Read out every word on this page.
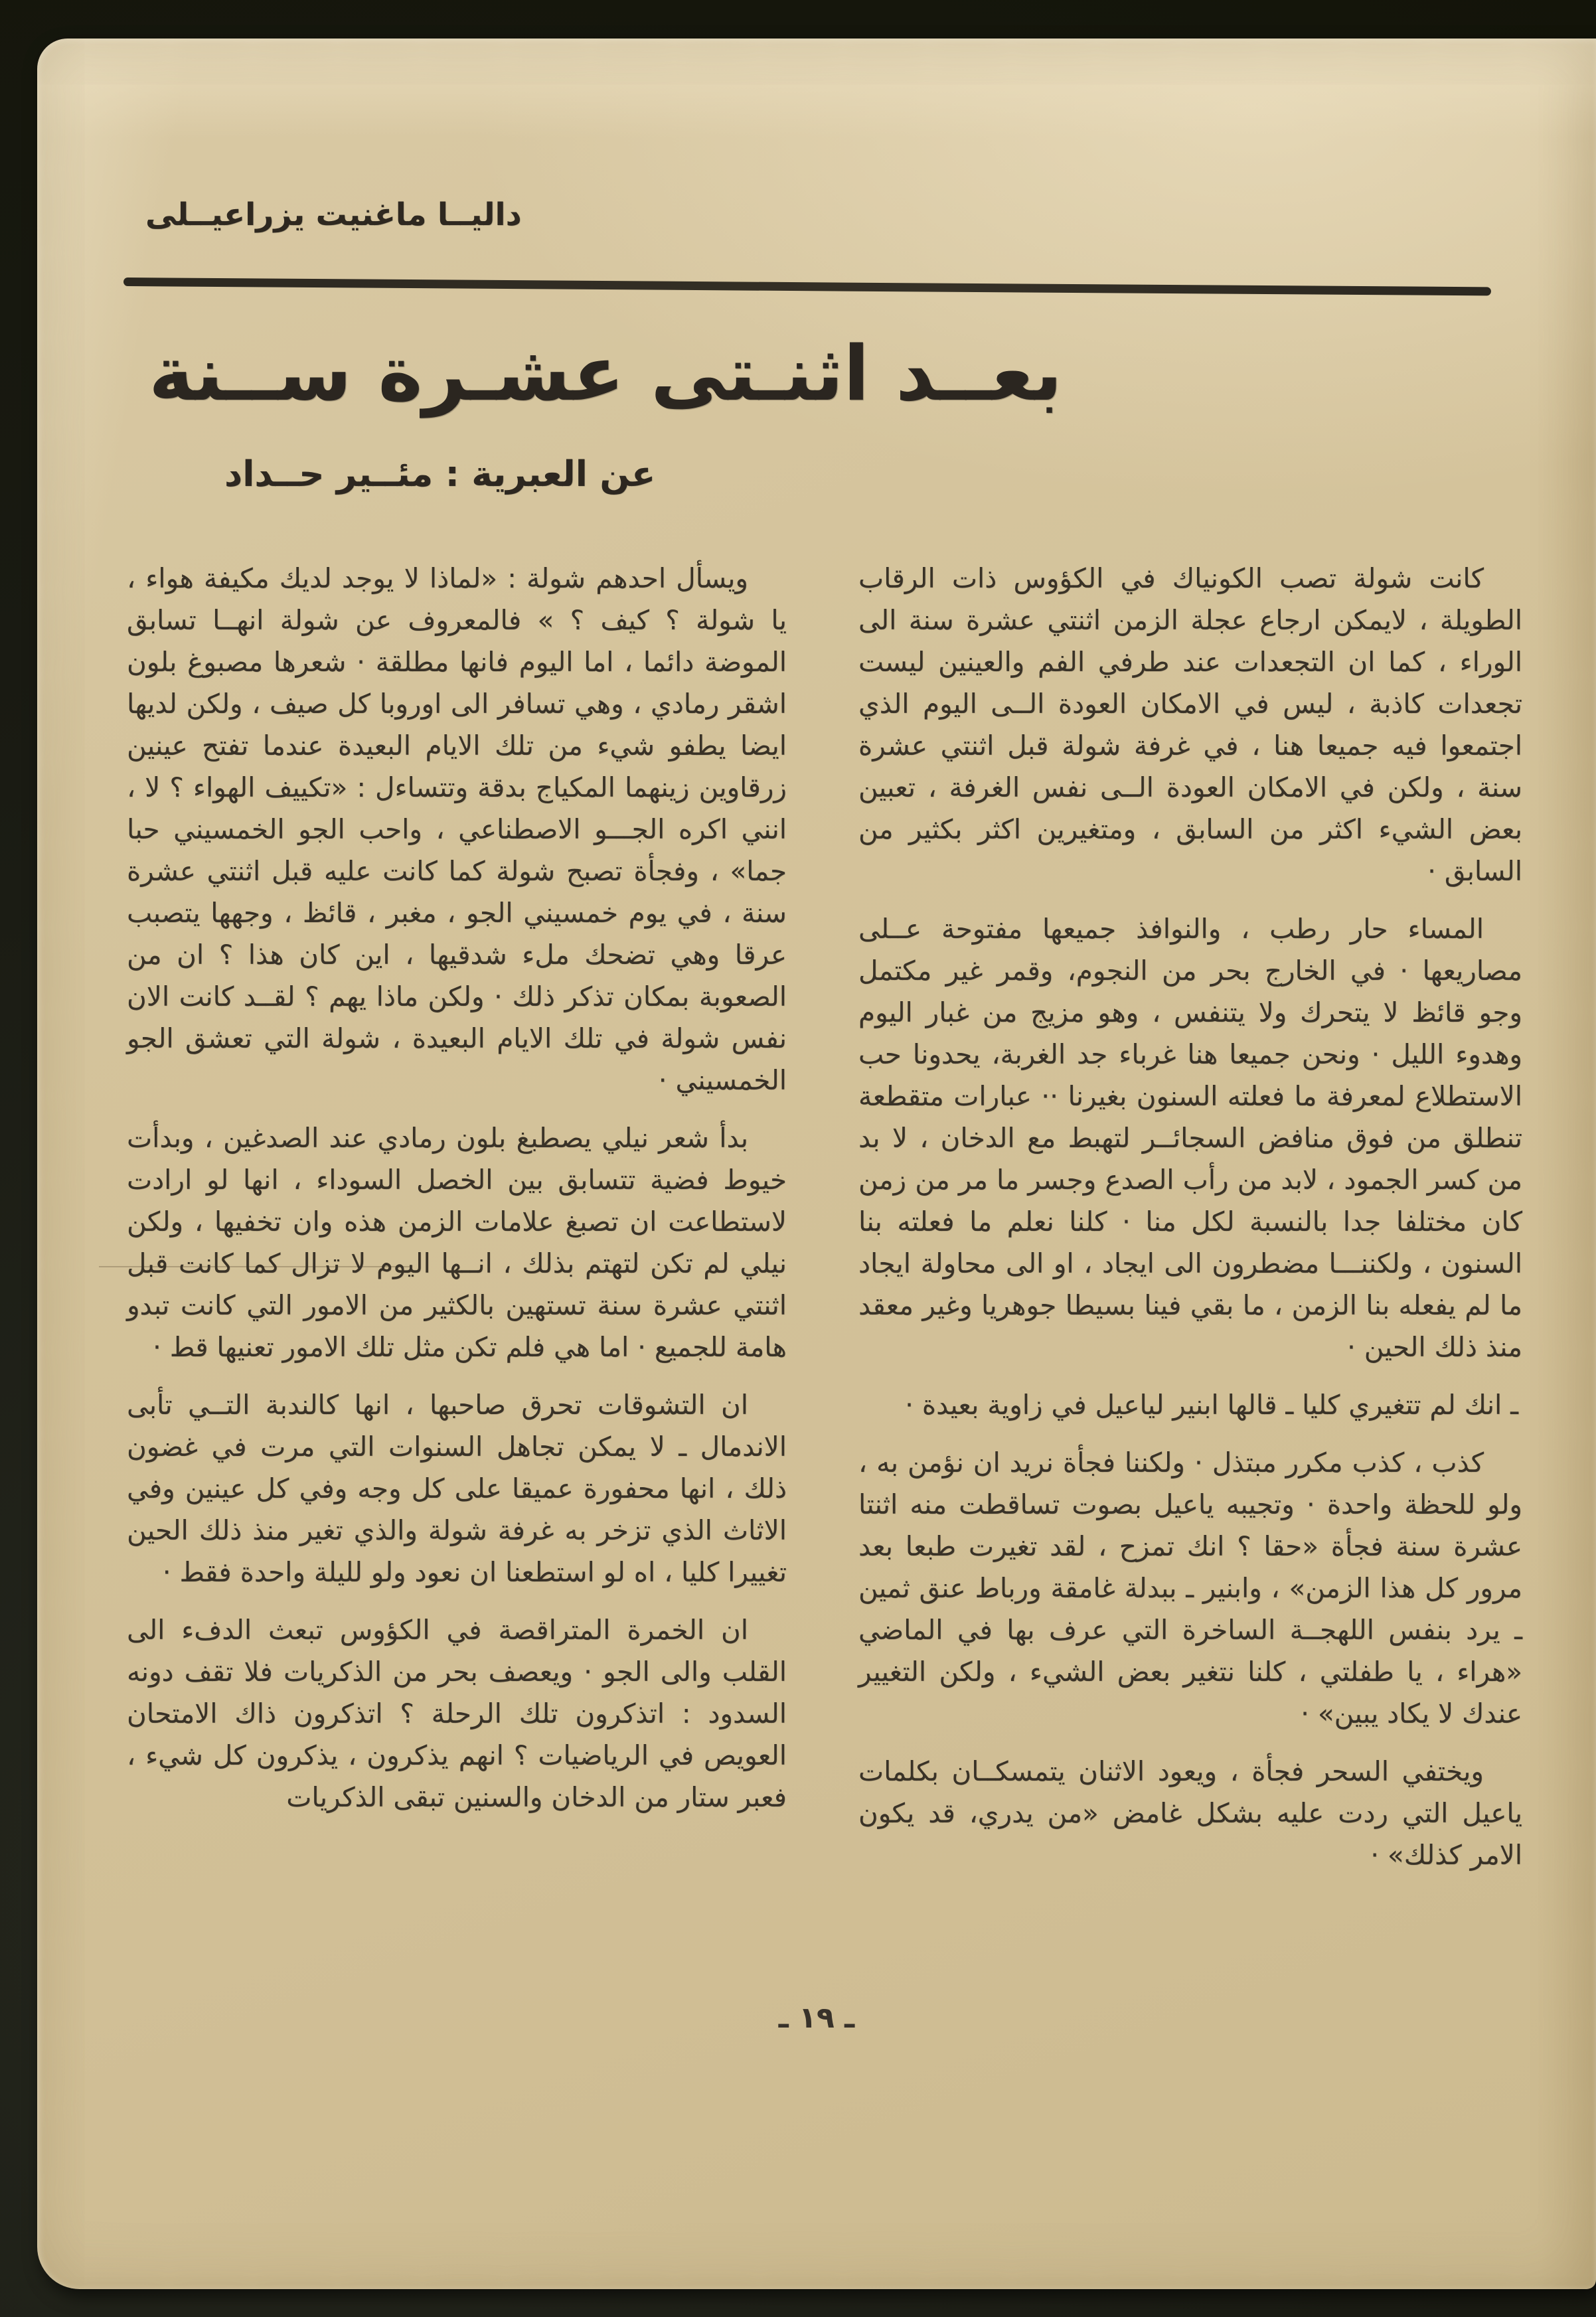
داليــا ماغنيت يزراعيــلى
بعــد اثنـتى عشـرة ســنة
عن العبرية : مئــير حــداد

كانت شولة تصب الكونياك في الكؤوس ذات الرقاب الطويلة ، لايمكن ارجاع عجلة الزمن اثنتي عشرة سنة الى الوراء ، كما ان التجعدات عند طرفي الفم والعينين ليست تجعدات كاذبة ، ليس في الامكان العودة الــى اليوم الذي اجتمعوا فيه جميعا هنا ، في غرفة شولة قبل اثنتي عشرة سنة ، ولكن في الامكان العودة الــى نفس الغرفة ، تعبين بعض الشيء اكثر من السابق ، ومتغيرين اكثر بكثير من السابق ·

المساء حار رطب ، والنوافذ جميعها مفتوحة عــلى مصاريعها · في الخارج بحر من النجوم، وقمر غير مكتمل وجو قائظ لا يتحرك ولا يتنفس ، وهو مزيج من غبار اليوم وهدوء الليل · ونحن جميعا هنا غرباء جد الغربة، يحدونا حب الاستطلاع لمعرفة ما فعلته السنون بغيرنا ·· عبارات متقطعة تنطلق من فوق منافض السجائــر لتهبط مع الدخان ، لا بد من كسر الجمود ، لابد من رأب الصدع وجسر ما مر من زمن كان مختلفا جدا بالنسبة لكل منا · كلنا نعلم ما فعلته بنا السنون ، ولكننـــا مضطرون الى ايجاد ، او الى محاولة ايجاد ما لم يفعله بنا الزمن ، ما بقي فينا بسيطا جوهريا وغير معقد منذ ذلك الحين ·

ـ انك لم تتغيري كليا ـ قالها ابنير لياعيل في زاوية بعيدة ·

كذب ، كذب مكرر مبتذل · ولكننا فجأة نريد ان نؤمن به ، ولو للحظة واحدة · وتجيبه ياعيل بصوت تساقطت منه اثنتا عشرة سنة فجأة «حقا ؟ انك تمزح ، لقد تغيرت طبعا بعد مرور كل هذا الزمن» ، وابنير ـ ببدلة غامقة ورباط عنق ثمين ـ يرد بنفس اللهجــة الساخرة التي عرف بها في الماضي «هراء ، يا طفلتي ، كلنا نتغير بعض الشيء ، ولكن التغيير عندك لا يكاد يبين» ·

ويختفي السحر فجأة ، ويعود الاثنان يتمسكــان بكلمات ياعيل التي ردت عليه بشكل غامض «من يدري، قد يكون الامر كذلك» ·

ويسأل احدهم شولة : «لماذا لا يوجد لديك مكيفة هواء ، يا شولة ؟ كيف ؟ » فالمعروف عن شولة انهــا تسابق الموضة دائما ، اما اليوم فانها مطلقة · شعرها مصبوغ بلون اشقر رمادي ، وهي تسافر الى اوروبا كل صيف ، ولكن لديها ايضا يطفو شيء من تلك الايام البعيدة عندما تفتح عينين زرقاوين زينهما المكياج بدقة وتتساءل : «تكييف الهواء ؟ لا ، انني اكره الجـــو الاصطناعي ، واحب الجو الخمسيني حبا جما» ، وفجأة تصبح شولة كما كانت عليه قبل اثنتي عشرة سنة ، في يوم خمسيني الجو ، مغبر ، قائظ ، وجهها يتصبب عرقا وهي تضحك ملء شدقيها ، اين كان هذا ؟ ان من الصعوبة بمكان تذكر ذلك · ولكن ماذا يهم ؟ لقــد كانت الان نفس شولة في تلك الايام البعيدة ، شولة التي تعشق الجو الخمسيني ·

بدأ شعر نيلي يصطبغ بلون رمادي عند الصدغين ، وبدأت خيوط فضية تتسابق بين الخصل السوداء ، انها لو ارادت لاستطاعت ان تصبغ علامات الزمن هذه وان تخفيها ، ولكن نيلي لم تكن لتهتم بذلك ، انــها اليوم لا تزال كما كانت قبل اثنتي عشرة سنة تستهين بالكثير من الامور التي كانت تبدو هامة للجميع · اما هي فلم تكن مثل تلك الامور تعنيها قط ·

ان التشوقات تحرق صاحبها ، انها كالندبة التــي تأبى الاندمال ـ لا يمكن تجاهل السنوات التي مرت في غضون ذلك ، انها محفورة عميقا على كل وجه وفي كل عينين وفي الاثاث الذي تزخر به غرفة شولة والذي تغير منذ ذلك الحين تغييرا كليا ، اه لو استطعنا ان نعود ولو لليلة واحدة فقط ·

ان الخمرة المتراقصة في الكؤوس تبعث الدفء الى القلب والى الجو · ويعصف بحر من الذكريات فلا تقف دونه السدود : اتذكرون تلك الرحلة ؟ اتذكرون ذاك الامتحان العويص في الرياضيات ؟ انهم يذكرون ، يذكرون كل شيء ، فعبر ستار من الدخان والسنين تبقى الذكريات

ـ ١٩ ـ
